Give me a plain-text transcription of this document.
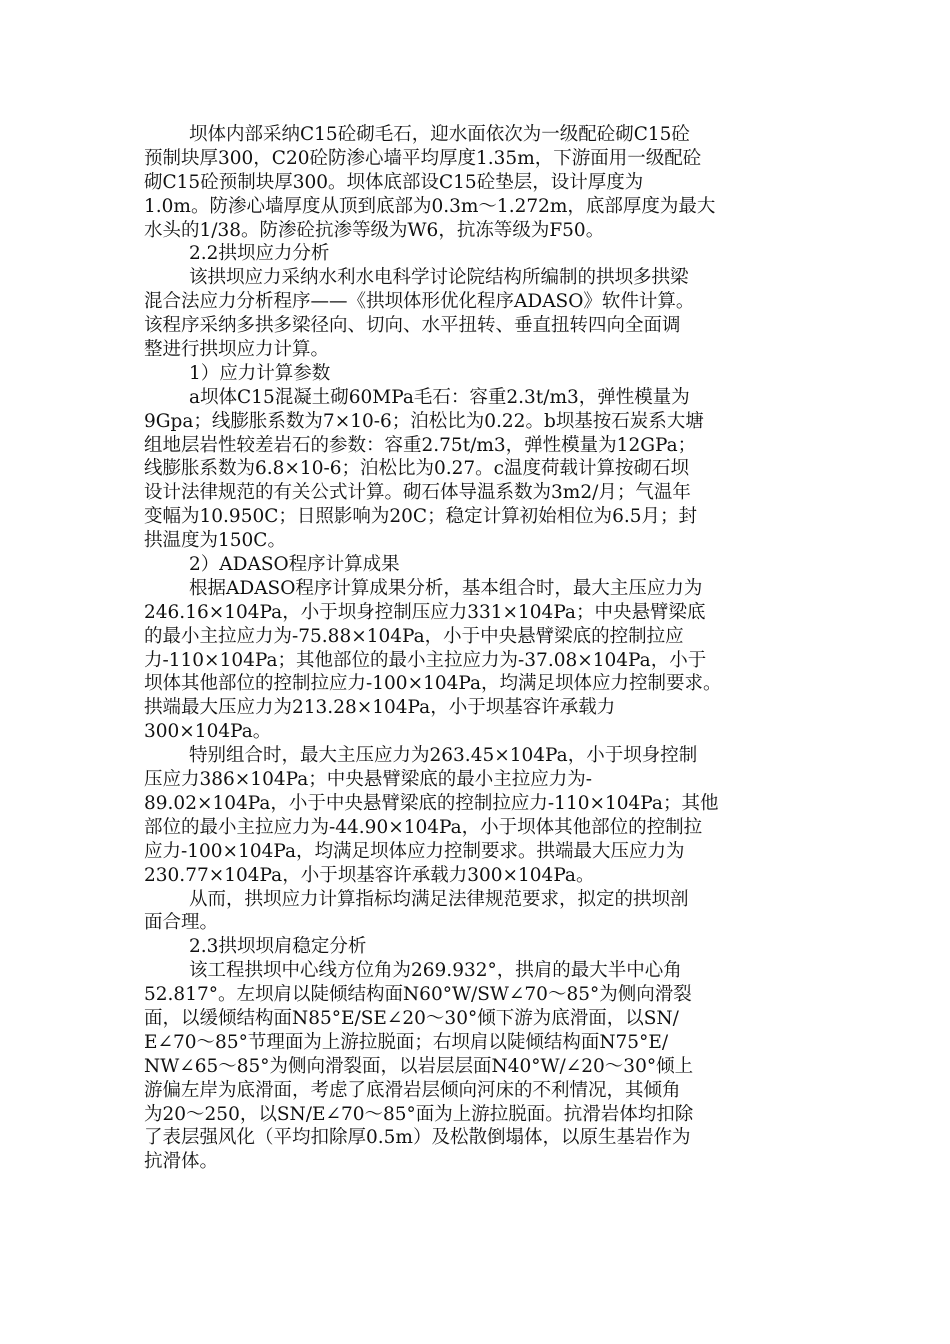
坝体内部采纳C15砼砌毛石，迎水面依次为一级配砼砌C15砼
预制块厚300，C20砼防渗心墙平均厚度1.35m，下游面用一级配砼
砌C15砼预制块厚300。坝体底部设C15砼垫层，设计厚度为
1.0m。防渗心墙厚度从顶到底部为0.3m～1.272m，底部厚度为最大
水头的1/38。防渗砼抗渗等级为W6，抗冻等级为F50。
2.2拱坝应力分析
该拱坝应力采纳水利水电科学讨论院结构所编制的拱坝多拱梁
混合法应力分析程序——《拱坝体形优化程序ADASO》软件计算。
该程序采纳多拱多梁径向、切向、水平扭转、垂直扭转四向全面调
整进行拱坝应力计算。
1）应力计算参数
a坝体C15混凝土砌60MPa毛石：容重2.3t/m3，弹性模量为
9Gpa；线膨胀系数为7×10-6；泊松比为0.22。b坝基按石炭系大塘
组地层岩性较差岩石的参数：容重2.75t/m3，弹性模量为12GPa；
线膨胀系数为6.8×10-6；泊松比为0.27。c温度荷载计算按砌石坝
设计法律规范的有关公式计算。砌石体导温系数为3m2/月；气温年
变幅为10.950C；日照影响为20C；稳定计算初始相位为6.5月；封
拱温度为150C。
2）ADASO程序计算成果
根据ADASO程序计算成果分析，基本组合时，最大主压应力为
246.16×104Pa，小于坝身控制压应力331×104Pa；中央悬臂梁底
的最小主拉应力为-75.88×104Pa，小于中央悬臂梁底的控制拉应
力-110×104Pa；其他部位的最小主拉应力为-37.08×104Pa，小于
坝体其他部位的控制拉应力-100×104Pa，均满足坝体应力控制要求。
拱端最大压应力为213.28×104Pa，小于坝基容许承载力
300×104Pa。
特别组合时，最大主压应力为263.45×104Pa，小于坝身控制
压应力386×104Pa；中央悬臂梁底的最小主拉应力为-
89.02×104Pa，小于中央悬臂梁底的控制拉应力-110×104Pa；其他
部位的最小主拉应力为-44.90×104Pa，小于坝体其他部位的控制拉
应力-100×104Pa，均满足坝体应力控制要求。拱端最大压应力为
230.77×104Pa，小于坝基容许承载力300×104Pa。
从而，拱坝应力计算指标均满足法律规范要求，拟定的拱坝剖
面合理。
2.3拱坝坝肩稳定分析
该工程拱坝中心线方位角为269.932°，拱肩的最大半中心角
52.817°。左坝肩以陡倾结构面N60°W/SW∠70～85°为侧向滑裂
面，以缓倾结构面N85°E/SE∠20～30°倾下游为底滑面，以SN/
E∠70～85°节理面为上游拉脱面；右坝肩以陡倾结构面N75°E/
NW∠65～85°为侧向滑裂面，以岩层层面N40°W/∠20～30°倾上
游偏左岸为底滑面，考虑了底滑岩层倾向河床的不利情况，其倾角
为20～250，以SN/E∠70～85°面为上游拉脱面。抗滑岩体均扣除
了表层强风化（平均扣除厚0.5m）及松散倒塌体，以原生基岩作为
抗滑体。
